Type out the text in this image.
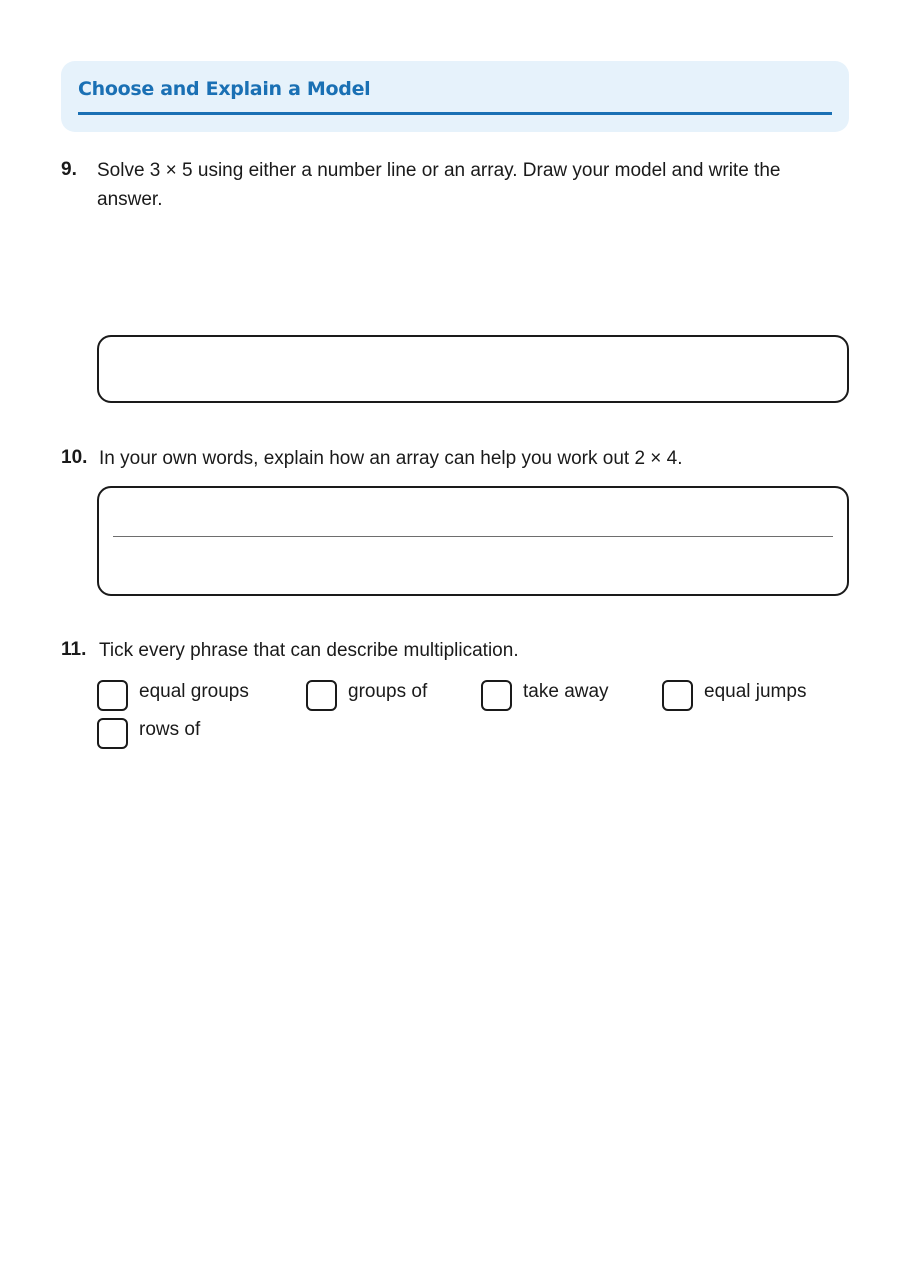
Choose and Explain a Model
9. Solve 3 × 5 using either a number line or an array. Draw your model and write the
answer.
10. In your own words, explain how an array can help you work out 2 × 4.
11. Tick every phrase that can describe multiplication.
equal groups	groups of	take away	equal jumps
rows of
